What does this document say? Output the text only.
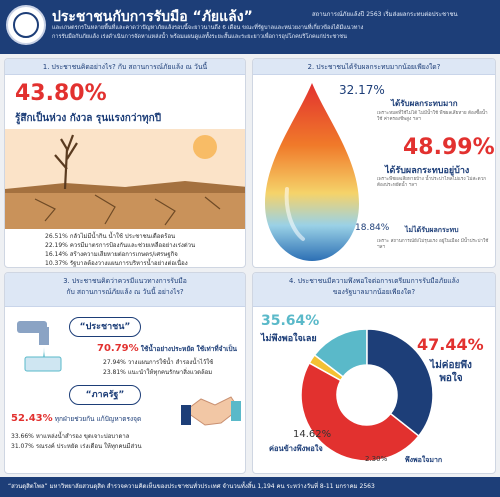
ประชาชนกับการรับมือ “ภัยแล้ง”	สถานการณ์ภัยแล้งปี 2563 เริ่มส่งผลกระทบต่อประชาชน
และเกษตรกรในหลายพื้นที่และคาดว่าปัญหาภัยแล้งรอบนี้จะยาวนานถึง 6 เดือน ขณะที่รัฐบาลและหน่วยงานที่เกี่ยวข้องได้มีแนวทาง
การรับมือกับภัยแล้ง เร่งดำเนินการจัดหาแหล่งน้ำ พร้อมแผนดูแลทั้งระยะสั้นและระยะยาวเพื่อการอุปโภคบริโภคแก่ประชาชน
1. ประชาชนคิดอย่างไร? กับ สถานการณ์ภัยแล้ง ณ วันนี้
43.80%
รู้สึกเป็นห่วง กังวล รุนแรงกว่าทุกปี
26.51% กลัวไม่มีน้ำกิน น้ำใช้ ประชาชนเดือดร้อน
22.19% ควรมีมาตรการป้องกันและช่วยเหลืออย่างเร่งด่วน
16.14% สร้างความเสียหายต่อการเกษตร/เศรษฐกิจ
10.37% รัฐบาลต้องวางแผนการบริหารน้ำอย่างต่อเนื่อง
2. ประชาชนได้รับผลกระทบมากน้อยเพียงใด?
32.17%
ได้รับผลกระทบมาก
เพราะหมดที่ใช้ไม่ได้ ไม่มีน้ำใช้ พืชผลเสียหาย ต้องซื้อน้ำใช้ ค่าครองชีพสูง ฯลฯ
48.99%
ได้รับผลกระทบอยู่บ้าง
เพราะพืชผลเสียหายบ้าง น้ำประปาไหลไม่แรง ไม่สะดวก ต้องประหยัดน้ำ ฯลฯ
18.84% ไม่ได้รับผลกระทบ
เพราะ สถานการณ์ยังไม่รุนแรง อยู่ในเมือง มีน้ำประปาใช้ ฯลฯ
3. ประชาชนคิดว่าควรมีแนวทางการรับมือ
กับ สถานการณ์ภัยแล้ง ณ วันนี้ อย่างไร?
“ประชาชน”
70.79% ใช้น้ำอย่างประหยัด ใช้เท่าที่จำเป็น
27.94% วางแผนการใช้น้ำ สำรองน้ำไว้ใช้
23.81% แนะนำให้ทุกคนรักษาสิ่งแวดล้อม
“ภาครัฐ”
52.43% ทุกฝ่ายช่วยกัน แก้ปัญหาตรงจุด
33.66% หาแหล่งน้ำสำรอง ขุดเจาะบ่อบาดาล
31.07% รณรงค์ ประหยัด เร่งเดือน ให้ทุกคนมีส่วน
4. ประชาชนมีความพึงพอใจต่อการเตรียมการรับมือภัยแล้ง
ของรัฐบาลมากน้อยเพียงใด?
35.64%
ไม่พึงพอใจเลย	47.44%
ไม่ค่อยพึงพอใจ
14.62%
ค่อนข้างพึงพอใจ
2.30%	พึงพอใจมาก
“สวนดุสิตโพล” มหาวิทยาลัยสวนดุสิต สำรวจความคิดเห็นของประชาชนทั่วประเทศ จำนวนทั้งสิ้น 1,194 คน ระหว่างวันที่ 8-11 มกราคม 2563
